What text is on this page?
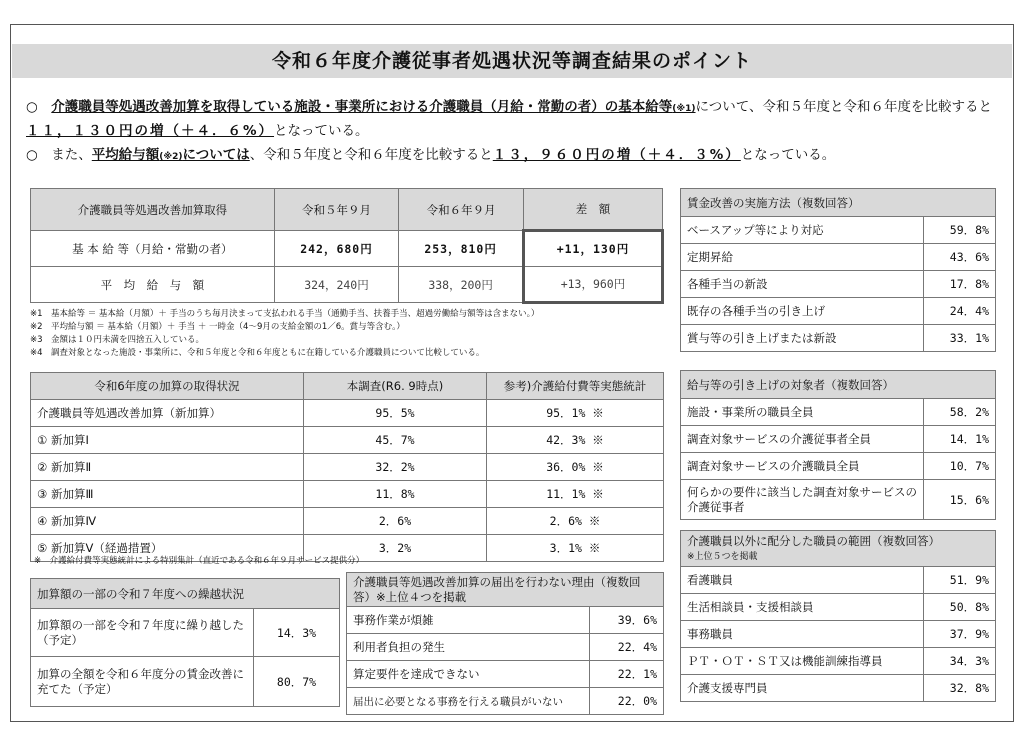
令和６年度介護従事者処遇状況等調査結果のポイント

○　 介護職員等処遇改善加算を取得している施設・事業所における介護職員（月給・常勤の者）の基本給等(※1)について、令和５年度と令和６年度を比較すると１１，１３０円の増（＋４．６%）となっている。

○　 また、平均給与額(※2)については、令和５年度と令和６年度を比較すると１３，９６０円の増（＋４．３%）となっている。

介護職員等処遇改善加算取得	令和５年９月	令和６年９月	差　額
基 本 給 等（月給・常勤の者）	242，680円	253，810円	+11，130円
平　均　給　与　額	324，240円	338，200円	+13，960円
※1　基本給等 ＝ 基本給（月額）＋ 手当のうち毎月決まって支払われる手当（通勤手当、扶養手当、超過労働給与額等は含まない。）
※2　平均給与額 ＝ 基本給（月額）＋ 手当 ＋ 一時金（4～9月の支給金額の1／6。賞与等含む。）
※3　金額は１０円未満を四捨五入している。
※4　調査対象となった施設・事業所に、令和５年度と令和６年度ともに在籍している介護職員について比較している。
令和6年度の加算の取得状況	本調査(R6. 9時点)	参考)介護給付費等実態統計
介護職員等処遇改善加算（新加算）	95．5%	95．1% ※
① 新加算Ⅰ	45．7%	42．3% ※
② 新加算Ⅱ	32．2%	36．0% ※
③ 新加算Ⅲ	11．8%	11．1% ※
④ 新加算Ⅳ	2．6%	2．6% ※
⑤ 新加算Ⅴ（経過措置）	3．2%	3．1% ※
※　介護給付費等実態統計による特別集計（直近である令和６年９月サービス提供分）
加算額の一部の令和７年度への繰越状況	
加算額の一部を令和７年度に繰り越した（予定）	14．3%
加算の全額を令和６年度分の賃金改善に充てた（予定）	80．7%
介護職員等処遇改善加算の届出を行わない理由（複数回答）※上位４つを掲載	
事務作業が煩雑	39．6%
利用者負担の発生	22．4%
算定要件を達成できない	22．1%
届出に必要となる事務を行える職員がいない	22．0%
賃金改善の実施方法（複数回答）	
ベースアップ等により対応	59．8%
定期昇給	43．6%
各種手当の新設	17．8%
既存の各種手当の引き上げ	24．4%
賞与等の引き上げまたは新設	33．1%
給与等の引き上げの対象者（複数回答）	
施設・事業所の職員全員	58．2%
調査対象サービスの介護従事者全員	14．1%
調査対象サービスの介護職員全員	10．7%
何らかの要件に該当した調査対象サービスの介護従事者	15．6%
介護職員以外に配分した職員の範囲（複数回答）
※上位５つを掲載	
看護職員	51．9%
生活相談員・支援相談員	50．8%
事務職員	37．9%
ＰＴ・ＯＴ・ＳＴ又は機能訓練指導員	34．3%
介護支援専門員	32．8%
